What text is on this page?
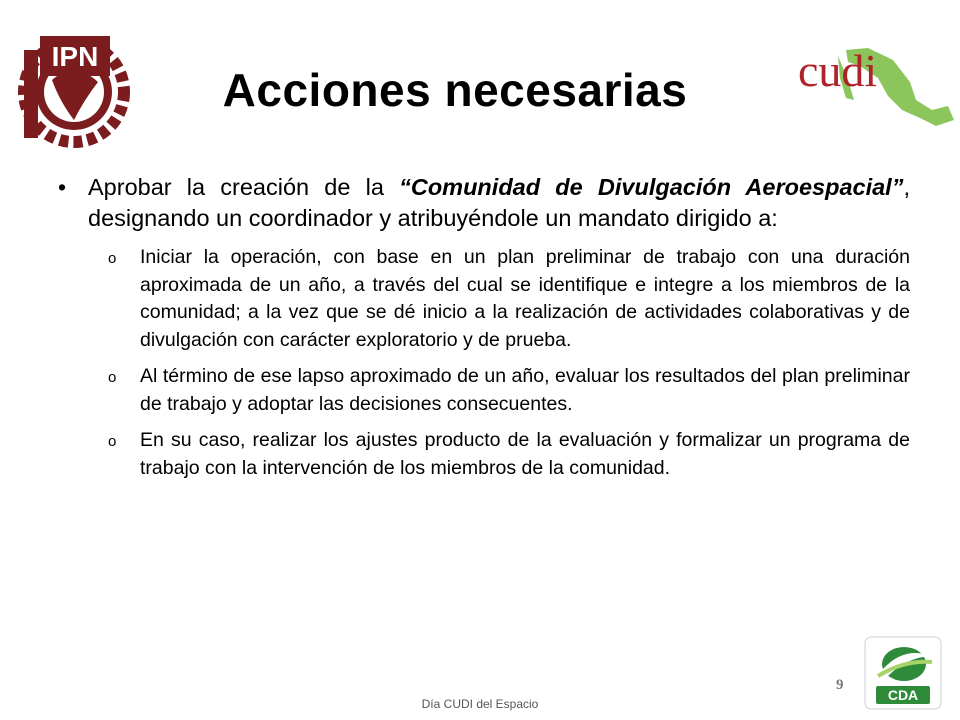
IPN
Acciones necesarias	cudi

• Aprobar la creación de la “Comunidad de Divulgación Aeroespacial”, designando un coordinador y atribuyéndole un mandato dirigido a:

o Iniciar la operación, con base en un plan preliminar de trabajo con una duración aproximada de un año, a través del cual se identifique e integre a los miembros de la comunidad; a la vez que se dé inicio a la realización de actividades colaborativas y de divulgación con carácter exploratorio y de prueba.
o Al término de ese lapso aproximado de un año, evaluar los resultados del plan preliminar de trabajo y adoptar las decisiones consecuentes.
o En su caso, realizar los ajustes producto de la evaluación y formalizar un programa de trabajo con la intervención de los miembros de la comunidad.
9
Día CUDI del Espacio
CDA
